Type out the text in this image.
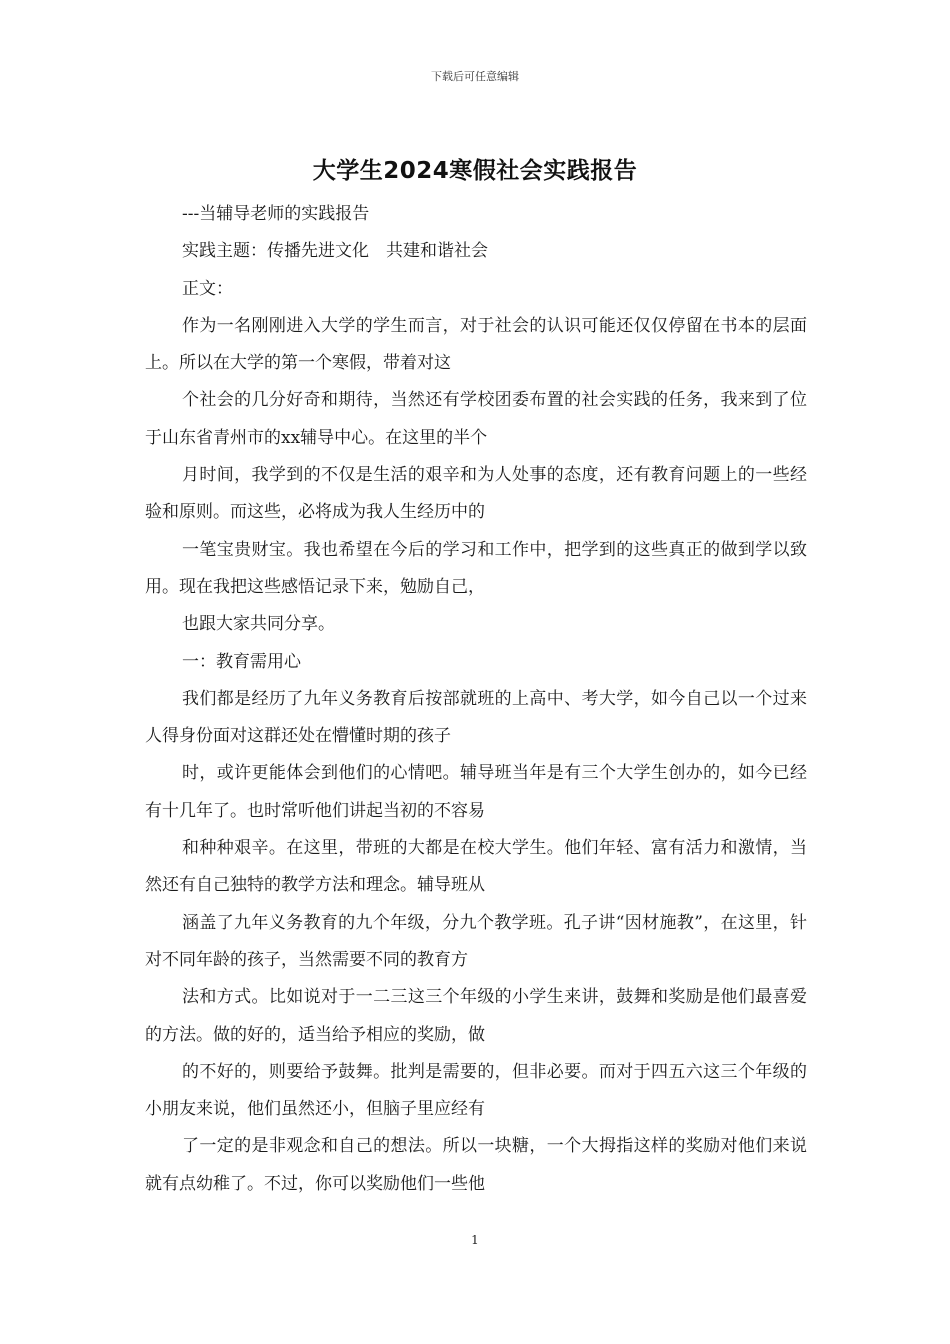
下载后可任意编辑
大学生2024寒假社会实践报告

---当辅导老师的实践报告

实践主题：传播先进文化　共建和谐社会

正文：

作为一名刚刚进入大学的学生而言，对于社会的认识可能还仅仅停留在书本的层面上。所以在大学的第一个寒假，带着对这

个社会的几分好奇和期待，当然还有学校团委布置的社会实践的任务，我来到了位于山东省青州市的xx辅导中心。在这里的半个

月时间，我学到的不仅是生活的艰辛和为人处事的态度，还有教育问题上的一些经验和原则。而这些，必将成为我人生经历中的

一笔宝贵财宝。我也希望在今后的学习和工作中，把学到的这些真正的做到学以致用。现在我把这些感悟记录下来，勉励自己，

也跟大家共同分享。

一：教育需用心

我们都是经历了九年义务教育后按部就班的上高中、考大学，如今自己以一个过来人得身份面对这群还处在懵懂时期的孩子

时，或许更能体会到他们的心情吧。辅导班当年是有三个大学生创办的，如今已经有十几年了。也时常听他们讲起当初的不容易

和种种艰辛。在这里，带班的大都是在校大学生。他们年轻、富有活力和激情，当然还有自己独特的教学方法和理念。辅导班从

涵盖了九年义务教育的九个年级，分九个教学班。孔子讲“因材施教”，在这里，针对不同年龄的孩子，当然需要不同的教育方

法和方式。比如说对于一二三这三个年级的小学生来讲，鼓舞和奖励是他们最喜爱的方法。做的好的，适当给予相应的奖励，做

的不好的，则要给予鼓舞。批判是需要的，但非必要。而对于四五六这三个年级的小朋友来说，他们虽然还小，但脑子里应经有

了一定的是非观念和自己的想法。所以一块糖，一个大拇指这样的奖励对他们来说就有点幼稚了。不过，你可以奖励他们一些他

1
